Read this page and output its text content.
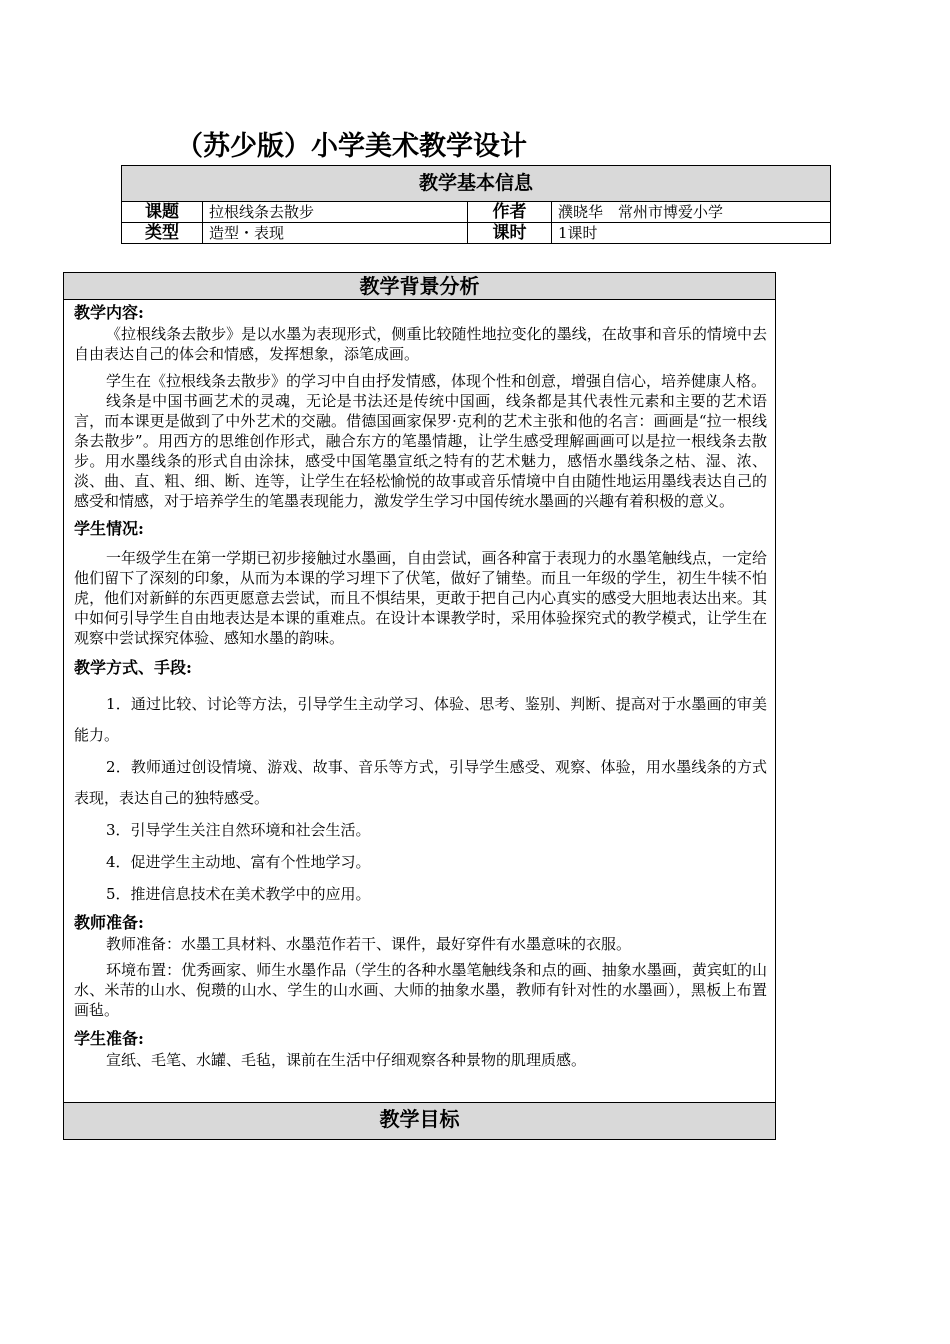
（苏少版）小学美术教学设计
教学基本信息			
课题	拉根线条去散步	作者	濮晓华　常州市博爱小学
类型	造型・表现	课时	1课时
教学背景分析
教学内容:

《拉根线条去散步》是以水墨为表现形式，侧重比较随性地拉变化的墨线，在故事和音乐的情境中去自由表达自己的体会和情感，发挥想象，添笔成画。

学生在《拉根线条去散步》的学习中自由抒发情感，体现个性和创意，增强自信心，培养健康人格。

线条是中国书画艺术的灵魂，无论是书法还是传统中国画，线条都是其代表性元素和主要的艺术语言，而本课更是做到了中外艺术的交融。借德国画家保罗·克利的艺术主张和他的名言：画画是“拉一根线条去散步”。用西方的思维创作形式，融合东方的笔墨情趣，让学生感受理解画画可以是拉一根线条去散步。用水墨线条的形式自由涂抹，感受中国笔墨宣纸之特有的艺术魅力，感悟水墨线条之枯、湿、浓、淡、曲、直、粗、细、断、连等，让学生在轻松愉悦的故事或音乐情境中自由随性地运用墨线表达自己的感受和情感，对于培养学生的笔墨表现能力，激发学生学习中国传统水墨画的兴趣有着积极的意义。

学生情况:

一年级学生在第一学期已初步接触过水墨画，自由尝试，画各种富于表现力的水墨笔触线点，一定给他们留下了深刻的印象，从而为本课的学习埋下了伏笔，做好了铺垫。而且一年级的学生，初生牛犊不怕虎，他们对新鲜的东西更愿意去尝试，而且不惧结果，更敢于把自己内心真实的感受大胆地表达出来。其中如何引导学生自由地表达是本课的重难点。在设计本课教学时，采用体验探究式的教学模式，让学生在观察中尝试探究体验、感知水墨的韵味。

教学方式、手段:

1．通过比较、讨论等方法，引导学生主动学习、体验、思考、鉴别、判断、提高对于水墨画的审美能力。

2．教师通过创设情境、游戏、故事、音乐等方式，引导学生感受、观察、体验，用水墨线条的方式表现，表达自己的独特感受。

3．引导学生关注自然环境和社会生活。

4．促进学生主动地、富有个性地学习。

5．推进信息技术在美术教学中的应用。

教师准备:

教师准备：水墨工具材料、水墨范作若干、课件，最好穿件有水墨意味的衣服。

环境布置：优秀画家、师生水墨作品（学生的各种水墨笔触线条和点的画、抽象水墨画，黄宾虹的山水、米芾的山水、倪瓒的山水、学生的山水画、大师的抽象水墨，教师有针对性的水墨画），黑板上布置画毡。

学生准备:

宣纸、毛笔、水罐、毛毡，课前在生活中仔细观察各种景物的肌理质感。

教学目标
